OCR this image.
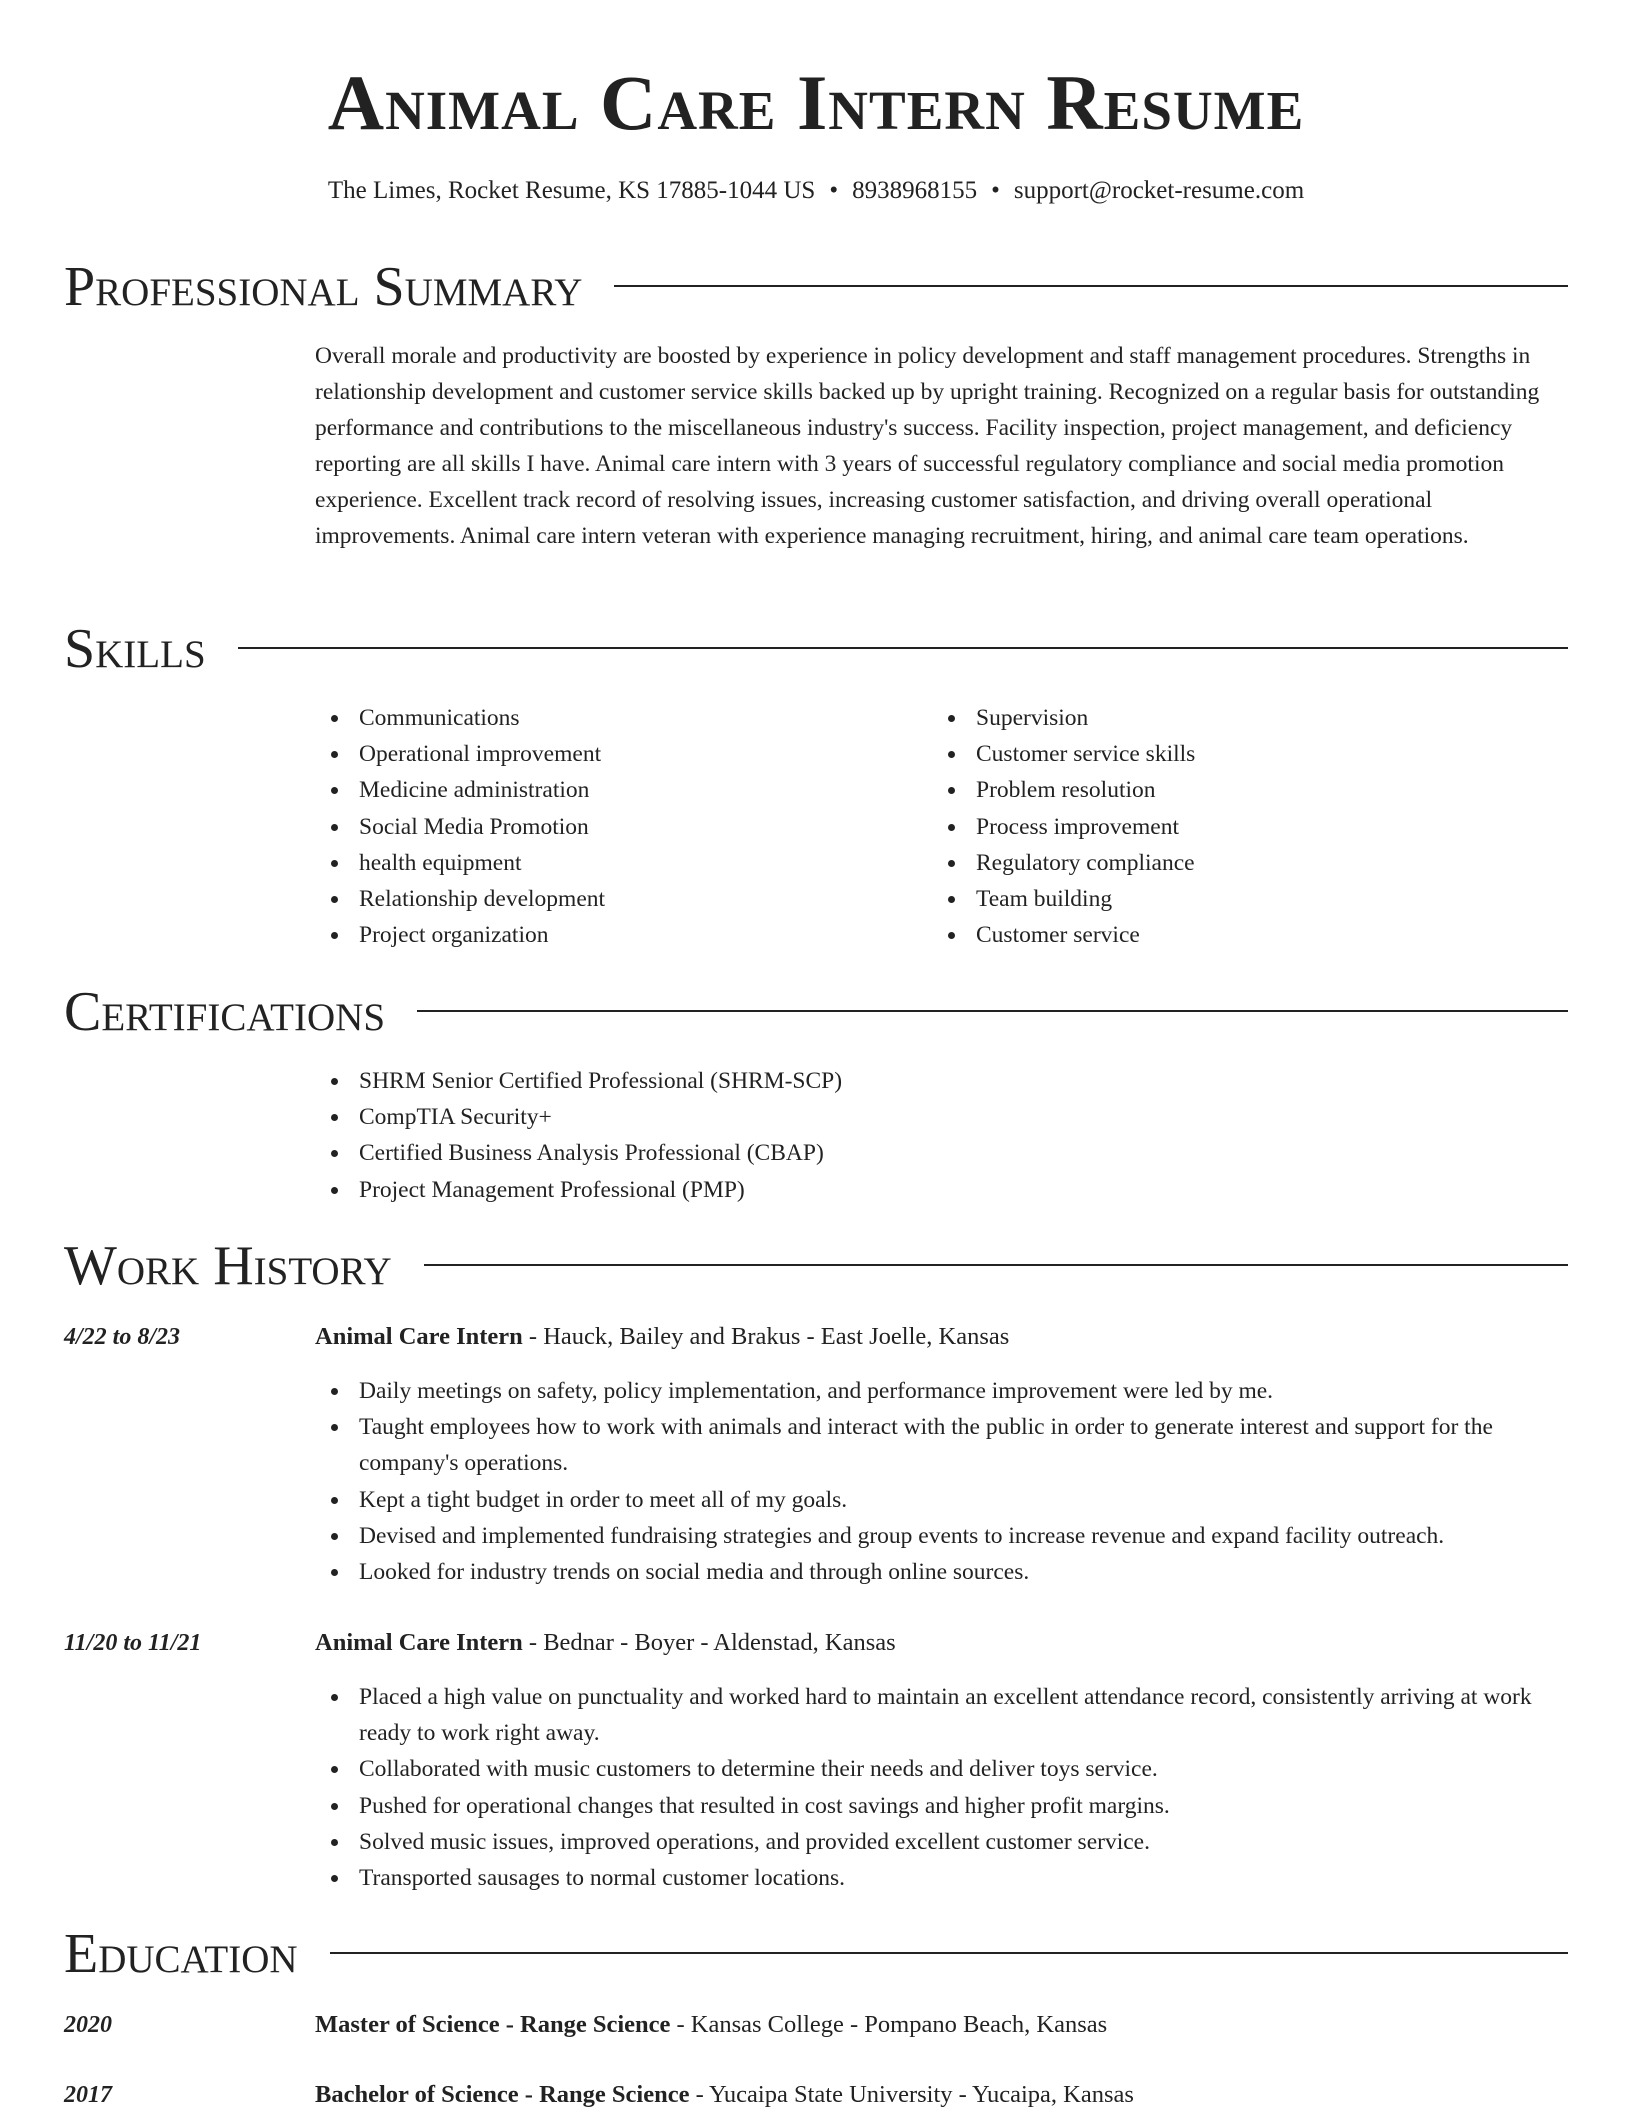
Animal Care Intern Resume
The Limes, Rocket Resume, KS 17885-1044 US • 8938968155 • support@rocket-resume.com
Professional Summary

Overall morale and productivity are boosted by experience in policy development and staff management procedures. Strengths in relationship development and customer service skills backed up by upright training. Recognized on a regular basis for outstanding performance and contributions to the miscellaneous industry's success. Facility inspection, project management, and deficiency reporting are all skills I have. Animal care intern with 3 years of successful regulatory compliance and social media promotion experience. Excellent track record of resolving issues, increasing customer satisfaction, and driving overall operational improvements. Animal care intern veteran with experience managing recruitment, hiring, and animal care team operations.

Skills
Communications
Operational improvement
Medicine administration
Social Media Promotion
health equipment
Relationship development
Project organization
Supervision
Customer service skills
Problem resolution
Process improvement
Regulatory compliance
Team building
Customer service
Certifications
SHRM Senior Certified Professional (SHRM-SCP)
CompTIA Security+
Certified Business Analysis Professional (CBAP)
Project Management Professional (PMP)
Work History
4/22 to 8/23	Animal Care Intern - Hauck, Bailey and Brakus - East Joelle, Kansas
Daily meetings on safety, policy implementation, and performance improvement were led by me.
Taught employees how to work with animals and interact with the public in order to generate interest and support for the company's operations.
Kept a tight budget in order to meet all of my goals.
Devised and implemented fundraising strategies and group events to increase revenue and expand facility outreach.
Looked for industry trends on social media and through online sources.
11/20 to 11/21	Animal Care Intern - Bednar - Boyer - Aldenstad, Kansas
Placed a high value on punctuality and worked hard to maintain an excellent attendance record, consistently arriving at work ready to work right away.
Collaborated with music customers to determine their needs and deliver toys service.
Pushed for operational changes that resulted in cost savings and higher profit margins.
Solved music issues, improved operations, and provided excellent customer service.
Transported sausages to normal customer locations.
Education
2020	Master of Science - Range Science - Kansas College - Pompano Beach, Kansas
2017	Bachelor of Science - Range Science - Yucaipa State University - Yucaipa, Kansas
